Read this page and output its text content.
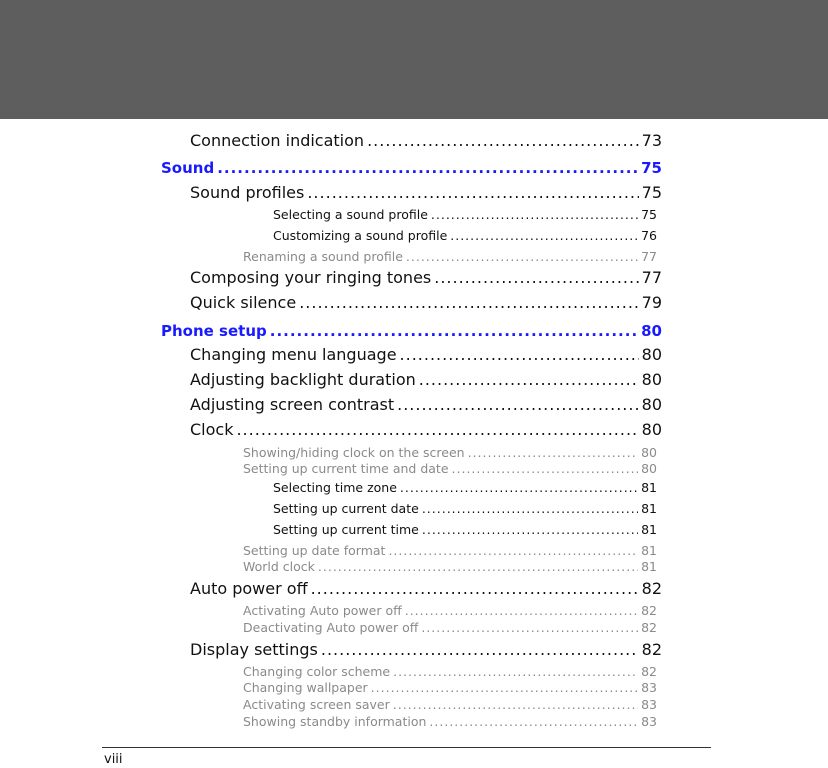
Connection indication .....	73
Sound .....	75
Sound profiles .....	75
Selecting a sound profile .....	75
Customizing a sound profile .....	76
Renaming a sound profile .....	77
Composing your ringing tones .....	77
Quick silence .....	79
Phone setup .....	80
Changing menu language .....	80
Adjusting backlight duration .....	80
Adjusting screen contrast .....	80
Clock .....	80
Showing/hiding clock on the screen .....	80
Setting up current time and date .....	80
Selecting time zone .....	81
Setting up current date .....	81
Setting up current time .....	81
Setting up date format .....	81
World clock .....	81
Auto power off .....	82
Activating Auto power off .....	82
Deactivating Auto power off .....	82
Display settings .....	82
Changing color scheme .....	82
Changing wallpaper .....	83
Activating screen saver .....	83
Showing standby information .....	83
viii
